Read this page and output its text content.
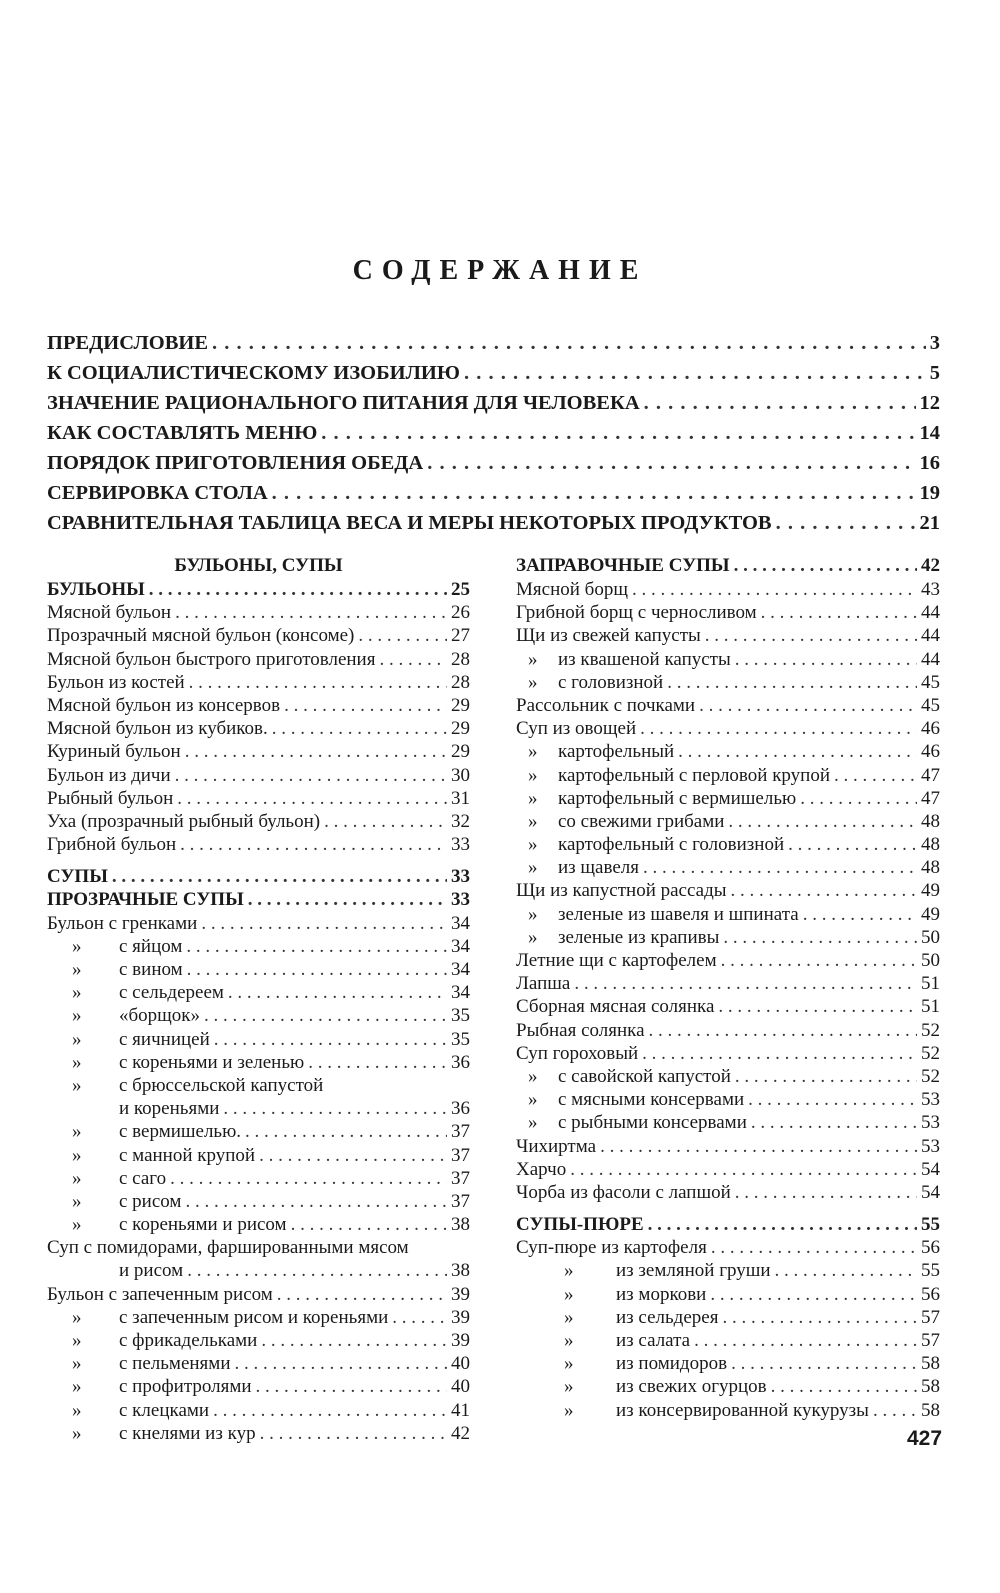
СОДЕРЖАНИЕ
ПРЕДИСЛОВИЕ . . .	3
К СОЦИАЛИСТИЧЕСКОМУ ИЗОБИЛИЮ . . .	5
ЗНАЧЕНИЕ РАЦИОНАЛЬНОГО ПИТАНИЯ ДЛЯ ЧЕЛОВЕКА . . .	12
КАК СОСТАВЛЯТЬ МЕНЮ . . .	14
ПОРЯДОК ПРИГОТОВЛЕНИЯ ОБЕДА . . .	16
СЕРВИРОВКА СТОЛА . . .	19
СРАВНИТЕЛЬНАЯ ТАБЛИЦА ВЕСА И МЕРЫ НЕКОТОРЫХ ПРОДУКТОВ . . .	21
БУЛЬОНЫ, СУПЫ
БУЛЬОНЫ . . .	25
Мясной бульон . . .	26
Прозрачный мясной бульон (консоме) . . .	27
Мясной бульон быстрого приготовления . . .	28
Бульон из костей . . .	28
Мясной бульон из консервов . . .	29
Мясной бульон из кубиков. . . .	29
Куриный бульон . . .	29
Бульон из дичи . . .	30
Рыбный бульон . . .	31
Уха (прозрачный рыбный бульон) . . .	32
Грибной бульон . . .	33
СУПЫ . . .	33
ПРОЗРАЧНЫЕ СУПЫ . . .	33
Бульон с гренками . . .	34
» с яйцом . . .	34
» с вином . . .	34
» с сельдереем . . .	34
» «борщок» . . .	35
» с яичницей . . .	35
» с кореньями и зеленью . . .	36
» с брюссельской капустой
и кореньями . . .	36
» с вермишелью. . . .	37
» с манной крупой . . .	37
» с саго . . .	37
» с рисом . . .	37
» с кореньями и рисом . . .	38
Суп с помидорами, фаршированными мясом
и рисом . . .	38
Бульон с запеченным рисом . . .	39
» с запеченным рисом и кореньями . . .	39
» с фрикадельками . . .	39
» с пельменями . . .	40
» с профитролями . . .	40
» с клецками . . .	41
» с кнелями из кур . . .	42
ЗАПРАВОЧНЫЕ СУПЫ . . .	42
Мясной борщ . . .	43
Грибной борщ с черносливом . . .	44
Щи из свежей капусты . . .	44
» из квашеной капусты . . .	44
» с головизной . . .	45
Рассольник с почками . . .	45
Суп из овощей . . .	46
» картофельный . . .	46
» картофельный с перловой крупой . . .	47
» картофельный с вермишелью . . .	47
» со свежими грибами . . .	48
» картофельный с головизной . . .	48
» из щавеля . . .	48
Щи из капустной рассады . . .	49
» зеленые из шавеля и шпината . . .	49
» зеленые из крапивы . . .	50
Летние щи с картофелем . . .	50
Лапша . . .	51
Сборная мясная солянка . . .	51
Рыбная солянка . . .	52
Суп гороховый . . .	52
» с савойской капустой . . .	52
» с мясными консервами . . .	53
» с рыбными консервами . . .	53
Чихиртма . . .	53
Харчо . . .	54
Чорба из фасоли с лапшой . . .	54
СУПЫ-ПЮРЕ . . .	55
Суп-пюре из картофеля . . .	56
» из земляной груши . . .	55
» из моркови . . .	56
» из сельдерея . . .	57
» из салата . . .	57
» из помидоров . . .	58
» из свежих огурцов . . .	58
» из консервированной кукурузы . . .	58
427
